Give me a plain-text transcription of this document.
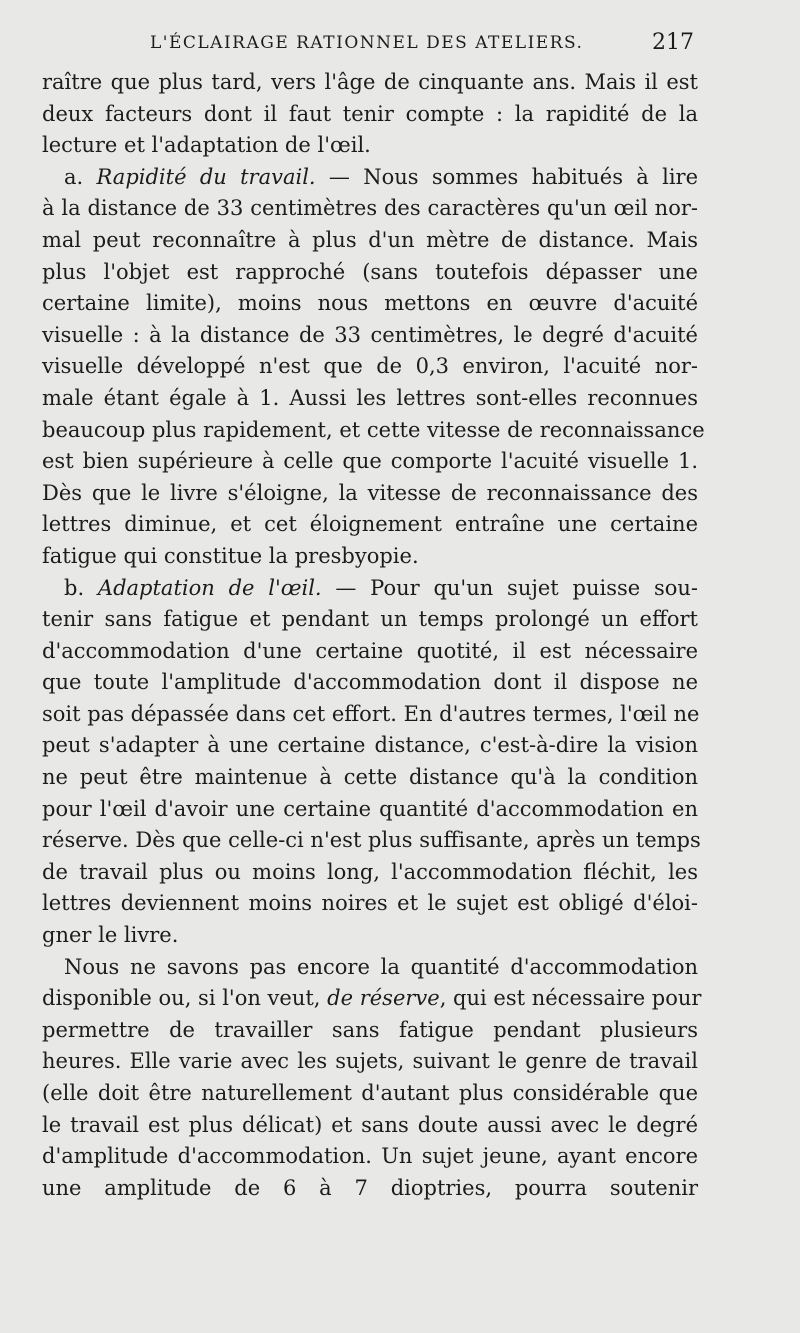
L'ÉCLAIRAGE RATIONNEL DES ATELIERS.	217
raître que plus tard, vers l'âge de cinquante ans. Mais il est
deux facteurs dont il faut tenir compte : la rapidité de la
lecture et l'adaptation de l'œil.
a. Rapidité du travail. — Nous sommes habitués à lire
à la distance de 33 centimètres des caractères qu'un œil nor-
mal peut reconnaître à plus d'un mètre de distance. Mais
plus l'objet est rapproché (sans toutefois dépasser une
certaine limite), moins nous mettons en œuvre d'acuité
visuelle : à la distance de 33 centimètres, le degré d'acuité
visuelle développé n'est que de 0,3 environ, l'acuité nor-
male étant égale à 1. Aussi les lettres sont-elles reconnues
beaucoup plus rapidement, et cette vitesse de reconnaissance
est bien supérieure à celle que comporte l'acuité visuelle 1.
Dès que le livre s'éloigne, la vitesse de reconnaissance des
lettres diminue, et cet éloignement entraîne une certaine
fatigue qui constitue la presbyopie.
b. Adaptation de l'œil. — Pour qu'un sujet puisse sou-
tenir sans fatigue et pendant un temps prolongé un effort
d'accommodation d'une certaine quotité, il est nécessaire
que toute l'amplitude d'accommodation dont il dispose ne
soit pas dépassée dans cet effort. En d'autres termes, l'œil ne
peut s'adapter à une certaine distance, c'est-à-dire la vision
ne peut être maintenue à cette distance qu'à la condition
pour l'œil d'avoir une certaine quantité d'accommodation en
réserve. Dès que celle-ci n'est plus suffisante, après un temps
de travail plus ou moins long, l'accommodation fléchit, les
lettres deviennent moins noires et le sujet est obligé d'éloi-
gner le livre.
Nous ne savons pas encore la quantité d'accommodation
disponible ou, si l'on veut, de réserve, qui est nécessaire pour
permettre de travailler sans fatigue pendant plusieurs
heures. Elle varie avec les sujets, suivant le genre de travail
(elle doit être naturellement d'autant plus considérable que
le travail est plus délicat) et sans doute aussi avec le degré
d'amplitude d'accommodation. Un sujet jeune, ayant encore
une amplitude de 6 à 7 dioptries, pourra soutenir
